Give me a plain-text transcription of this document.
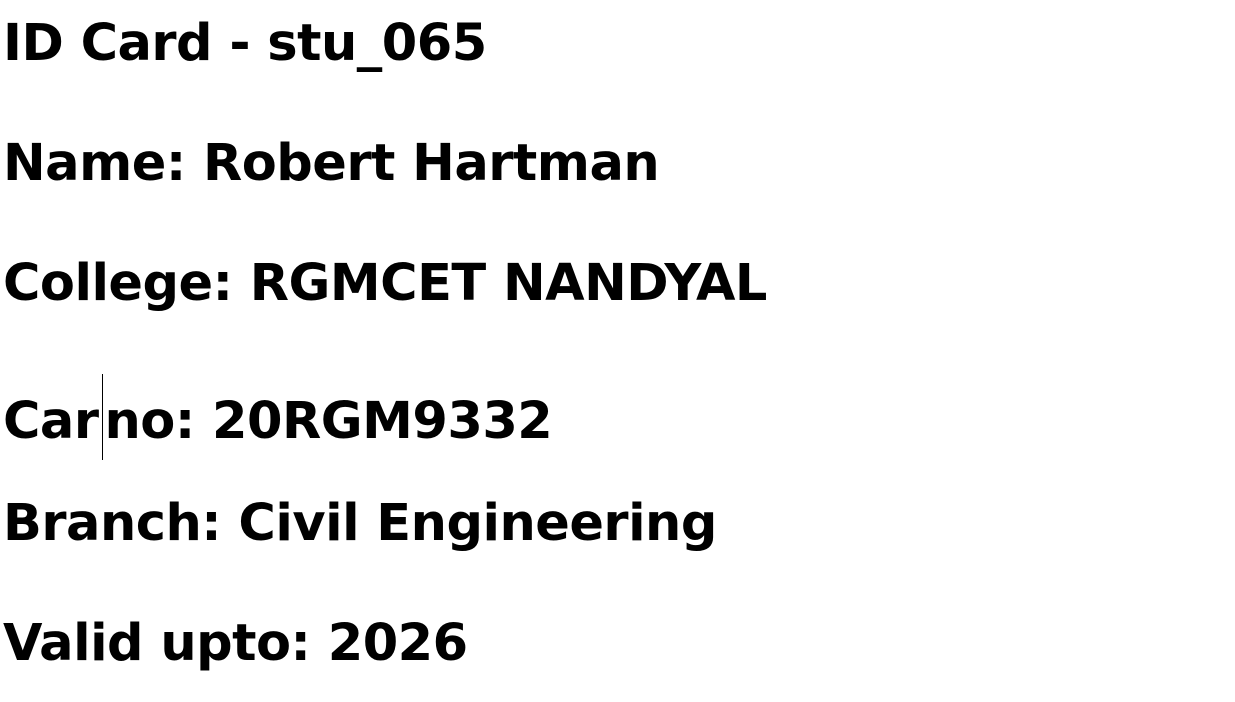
ID Card - stu_065
Name: Robert Hartman
College: RGMCET NANDYAL
Car no: 20RGM9332
Branch: Civil Engineering
Valid upto: 2026
